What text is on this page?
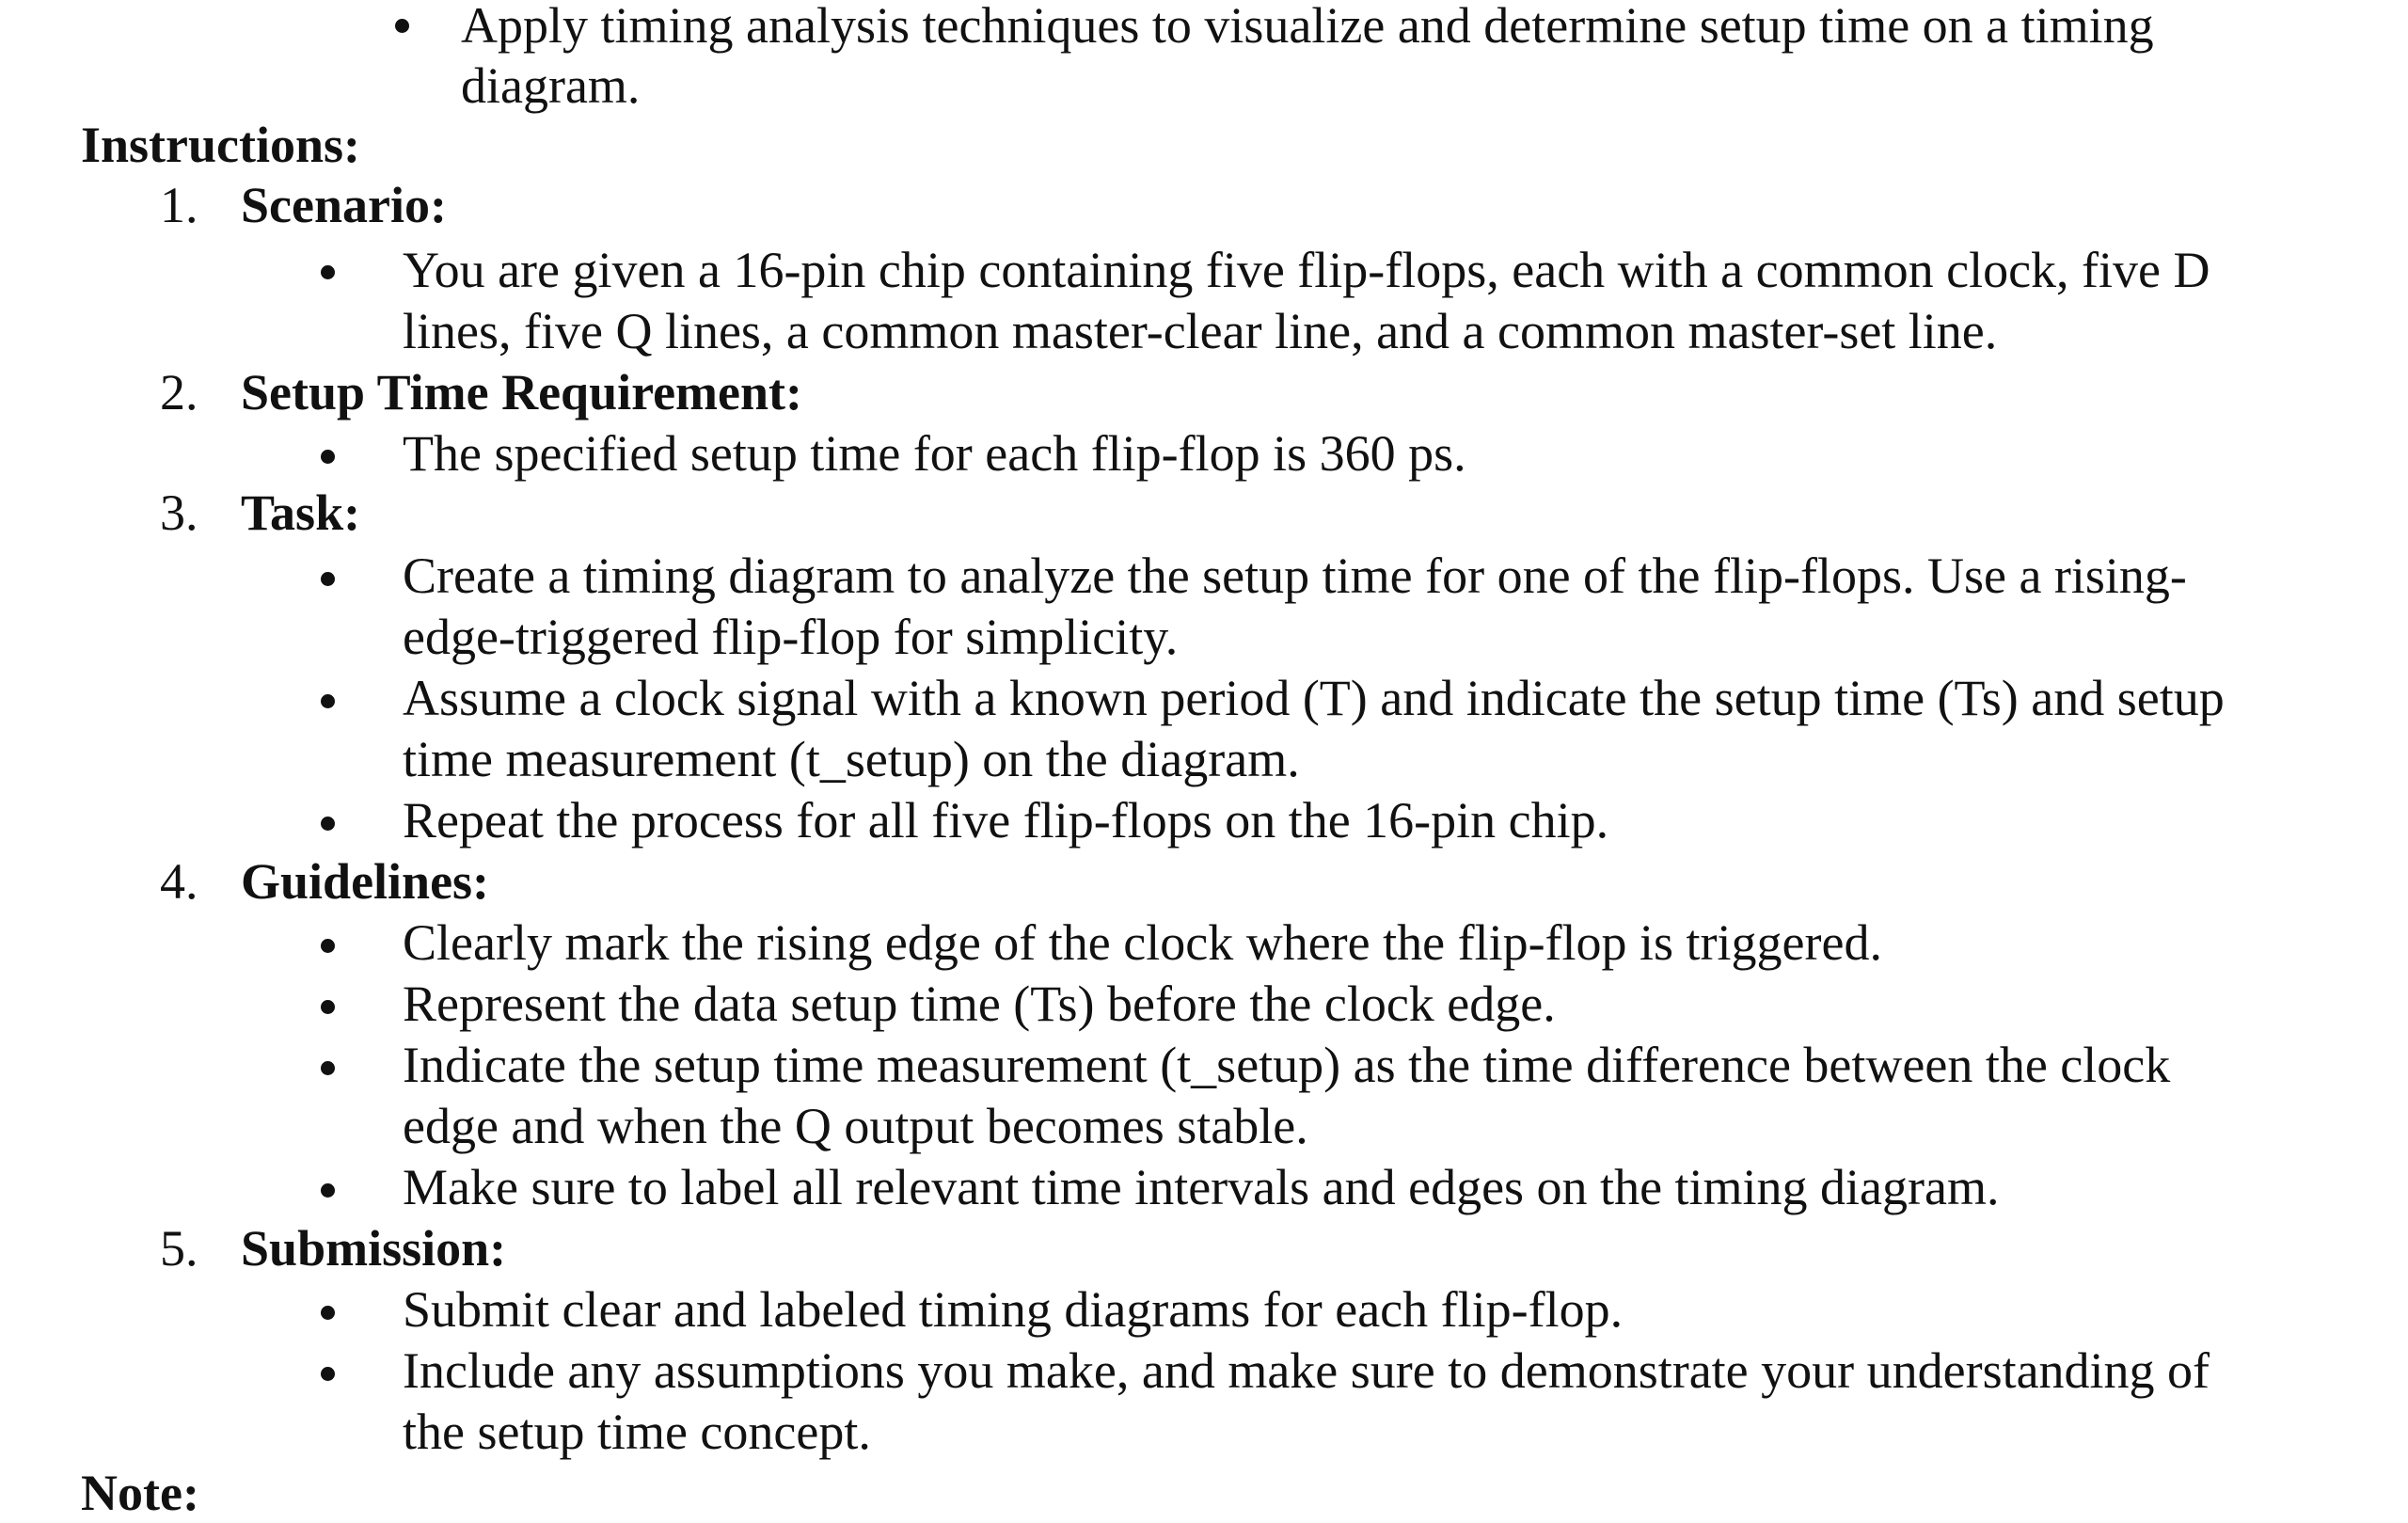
Apply timing analysis techniques to visualize and determine setup time on a timing
diagram.
Instructions:
1. Scenario:
You are given a 16-pin chip containing five flip-flops, each with a common clock, five D
lines, five Q lines, a common master-clear line, and a common master-set line.
2. Setup Time Requirement:
The specified setup time for each flip-flop is 360 ps.
3. Task:
Create a timing diagram to analyze the setup time for one of the flip-flops. Use a rising-
edge-triggered flip-flop for simplicity.
Assume a clock signal with a known period (T) and indicate the setup time (Ts) and setup
time measurement (t_setup) on the diagram.
Repeat the process for all five flip-flops on the 16-pin chip.
4. Guidelines:
Clearly mark the rising edge of the clock where the flip-flop is triggered.
Represent the data setup time (Ts) before the clock edge.
Indicate the setup time measurement (t_setup) as the time difference between the clock
edge and when the Q output becomes stable.
Make sure to label all relevant time intervals and edges on the timing diagram.
5. Submission:
Submit clear and labeled timing diagrams for each flip-flop.
Include any assumptions you make, and make sure to demonstrate your understanding of
the setup time concept.
Note:
